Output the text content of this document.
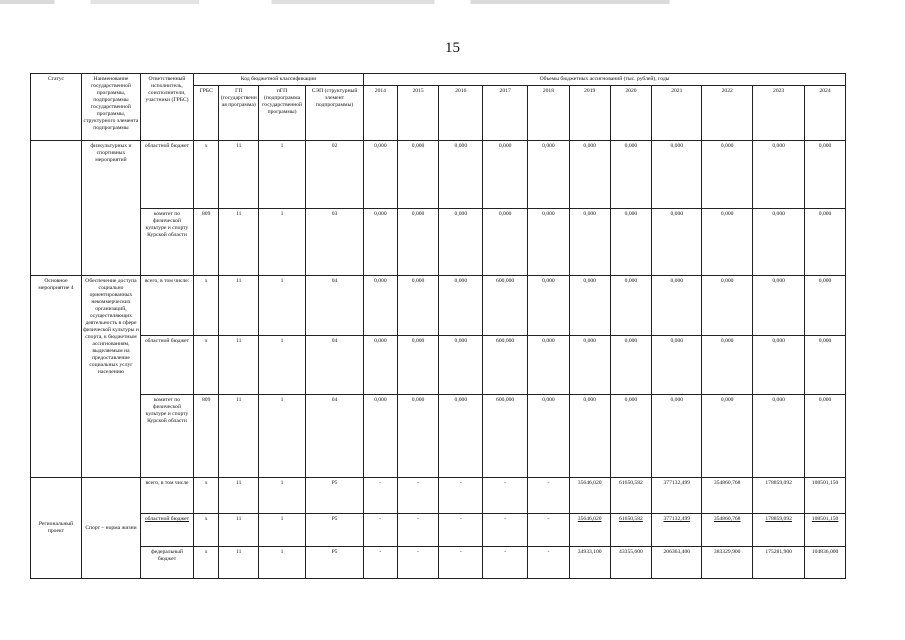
15
Статус	Наименование государственной программы, подпрограммы государственной программы, структурного элемента подпрограммы	Ответственный исполнитель, соисполнители, участники (ГРБС)	Код бюджетной классификации				Объемы бюджетных ассигнований (тыс. рублей), годы										
			ГРБС	ГП (государственная программа)	пГП (подпрограмма государственной программы)	СЭП (структурный элемент подпрограммы)	2014	2015	2016	2017	2018	2019	2020	2021	2022	2023	2024
	физкультурных и спортивных мероприятий	областной бюджет	х	11	1	02	0,000	0,000	0,000	0,000	0,000	0,000	0,000	0,000	0,000	0,000	0,000
		комитет по физической культуре и спорту Курской области	809	11	1	03	0,000	0,000	0,000	0,000	0,000	0,000	0,000	0,000	0,000	0,000	0,000
Основное мероприятие 4	Обеспечение доступа социально ориентированных некоммерческих организаций, осуществляющих деятельность в сфере физической культуры и спорта, к бюджетным ассигнованиям, выделяемым на предоставление социальных услуг населению	всего, в том числе:	х	11	1	04	0,000	0,000	0,000	600,000	0,000	0,000	0,000	0,000	0,000	0,000	0,000
		областной бюджет	х	11	1	04	0,000	0,000	0,000	600,000	0,000	0,000	0,000	0,000	0,000	0,000	0,000
		комитет по физической культуре и спорту Курской области	809	11	1	04	0,000	0,000	0,000	600,000	0,000	0,000	0,000	0,000	0,000	0,000	0,000
Региональный проект	Спорт – норма жизни	всего, в том числе	х	11	1	Р5	-	-	-	-	-	35646,020	61650,582	377132,499	354860,768	178859,092	108501,150
		областной бюджет	х	11	1	Р5	-	-	-	-	-	35646,020	61650,582	377132,499	354860,768	178859,092	108501,150
		федеральный бюджет	х	11	1	Р5	-	-	-	-	-	34933,100	43355,600	206363,400	383329,900	175281,900	104836,000
